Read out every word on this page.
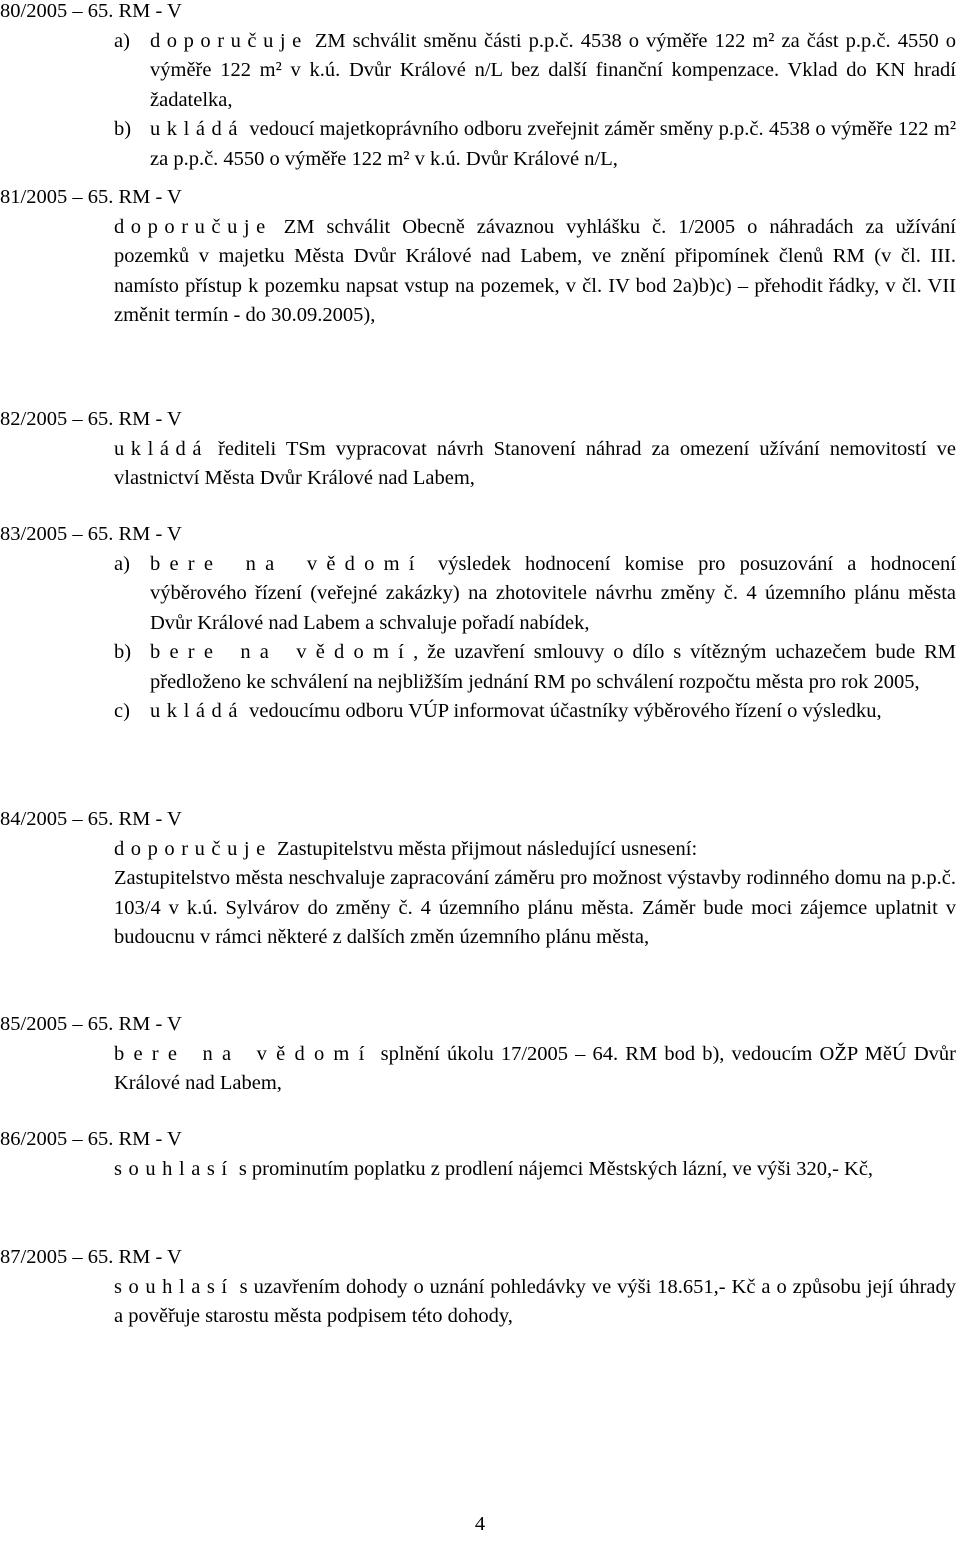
80/2005 – 65. RM - V
a) doporučuje ZM schválit směnu části p.p.č. 4538 o výměře 122 m² za část p.p.č. 4550 o výměře 122 m² v k.ú. Dvůr Králové n/L bez další finanční kompenzace. Vklad do KN hradí žadatelka,
b) ukládá vedoucí majetkoprávního odboru zveřejnit záměr směny p.p.č. 4538 o výměře 122 m² za p.p.č. 4550 o výměře 122 m² v k.ú. Dvůr Králové n/L,
81/2005 – 65. RM - V
doporučuje ZM schválit Obecně závaznou vyhlášku č. 1/2005 o náhradách za užívání pozemků v majetku Města Dvůr Králové nad Labem, ve znění připomínek členů RM (v čl. III. namísto přístup k pozemku napsat vstup na pozemek, v čl. IV bod 2a)b)c) – přehodit řádky, v čl. VII změnit termín - do 30.09.2005),
82/2005 – 65. RM - V
ukládá řediteli TSm vypracovat návrh Stanovení náhrad za omezení užívání nemovitostí ve vlastnictví Města Dvůr Králové nad Labem,
83/2005 – 65. RM - V
a) bere na vědomí výsledek hodnocení komise pro posuzování a hodnocení výběrového řízení (veřejné zakázky) na zhotovitele návrhu změny č. 4 územního plánu města Dvůr Králové nad Labem a schvaluje pořadí nabídek,
b) bere na vědomí, že uzavření smlouvy o dílo s vítězným uchazečem bude RM předloženo ke schválení na nejbližším jednání RM po schválení rozpočtu města pro rok 2005,
c) ukládá vedoucímu odboru VÚP informovat účastníky výběrového řízení o výsledku,
84/2005 – 65. RM - V
doporučuje Zastupitelstvu města přijmout následující usnesení:
Zastupitelstvo města neschvaluje zapracování záměru pro možnost výstavby rodinného domu na p.p.č. 103/4 v k.ú. Sylvárov do změny č. 4 územního plánu města. Záměr bude moci zájemce uplatnit v budoucnu v rámci některé z dalších změn územního plánu města,
85/2005 – 65. RM - V
bere na vědomí splnění úkolu 17/2005 – 64. RM bod b), vedoucím OŽP MěÚ Dvůr Králové nad Labem,
86/2005 – 65. RM - V
souhlasí s prominutím poplatku z prodlení nájemci Městských lázní, ve výši 320,- Kč,
87/2005 – 65. RM - V
souhlasí s uzavřením dohody o uznání pohledávky ve výši 18.651,- Kč a o způsobu její úhrady a pověřuje starostu města podpisem této dohody,
4
